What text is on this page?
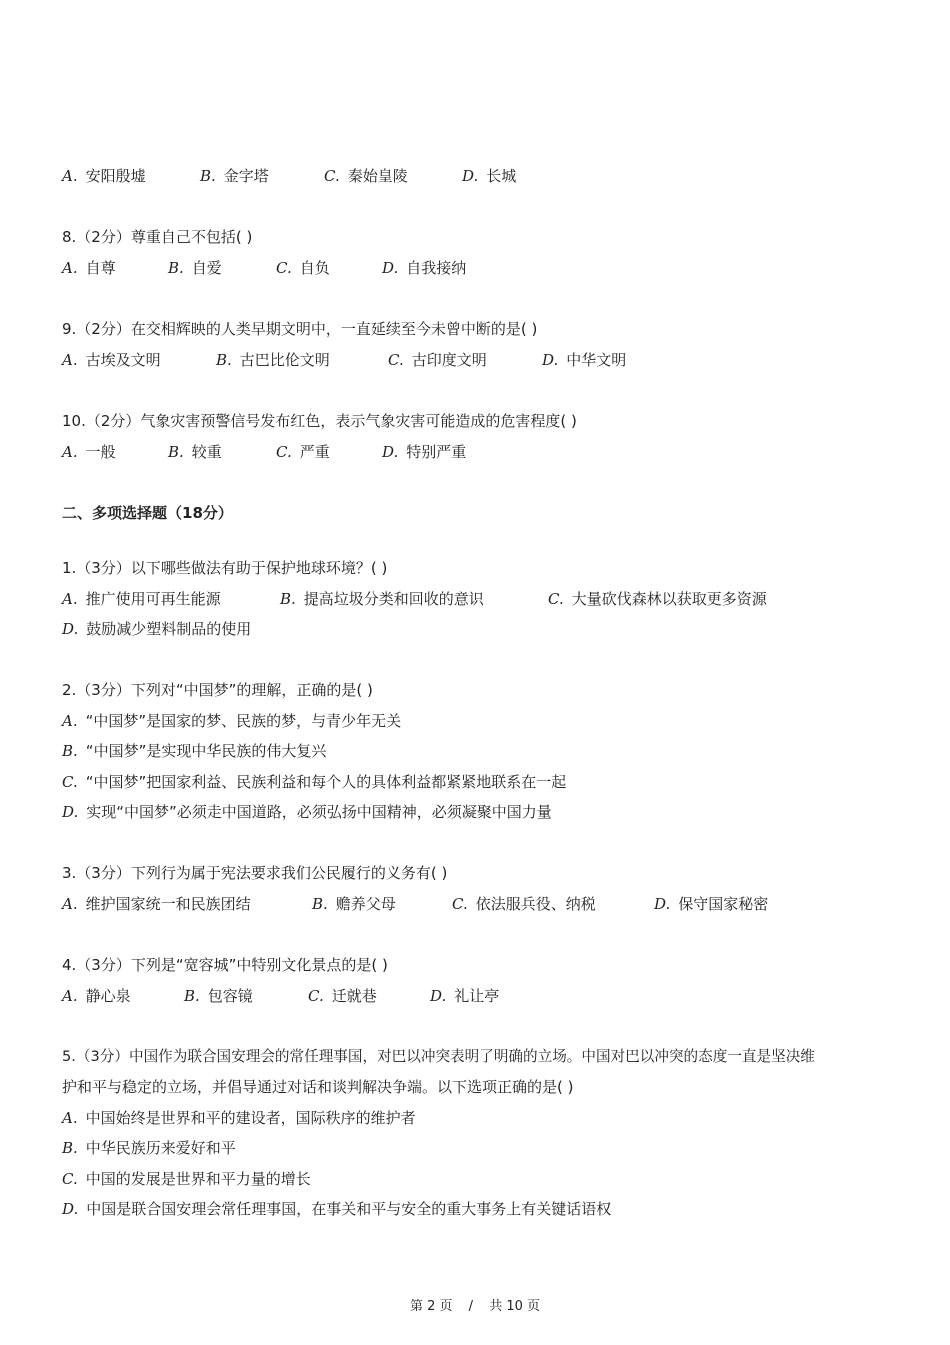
A. 安阳殷墟	B. 金字塔	C. 秦始皇陵	D. 长城
8.（2分）尊重自己不包括( )
A. 自尊	B. 自爱	C. 自负	D. 自我接纳
9.（2分）在交相辉映的人类早期文明中，一直延续至今未曾中断的是( )
A. 古埃及文明	B. 古巴比伦文明	C. 古印度文明	D. 中华文明
10.（2分）气象灾害预警信号发布红色，表示气象灾害可能造成的危害程度( )
A. 一般	B. 较重	C. 严重	D. 特别严重
二、多项选择题（18分）
1.（3分）以下哪些做法有助于保护地球环境？( )
A. 推广使用可再生能源	B. 提高垃圾分类和回收的意识	C. 大量砍伐森林以获取更多资源
D. 鼓励减少塑料制品的使用
2.（3分）下列对“中国梦”的理解，正确的是( )
A. “中国梦”是国家的梦、民族的梦，与青少年无关
B. “中国梦”是实现中华民族的伟大复兴
C. “中国梦”把国家利益、民族利益和每个人的具体利益都紧紧地联系在一起
D. 实现“中国梦”必须走中国道路，必须弘扬中国精神，必须凝聚中国力量
3.（3分）下列行为属于宪法要求我们公民履行的义务有( )
A. 维护国家统一和民族团结	B. 赡养父母	C. 依法服兵役、纳税	D. 保守国家秘密
4.（3分）下列是“宽容城”中特别文化景点的是( )
A. 静心泉	B. 包容镜	C. 迁就巷	D. 礼让亭
5.（3分）中国作为联合国安理会的常任理事国，对巴以冲突表明了明确的立场。中国对巴以冲突的态度一直是坚决维
护和平与稳定的立场，并倡导通过对话和谈判解决争端。以下选项正确的是( )
A. 中国始终是世界和平的建设者，国际秩序的维护者
B. 中华民族历来爱好和平
C. 中国的发展是世界和平力量的增长
D. 中国是联合国安理会常任理事国，在事关和平与安全的重大事务上有关键话语权
第 2 页 / 共 10 页
